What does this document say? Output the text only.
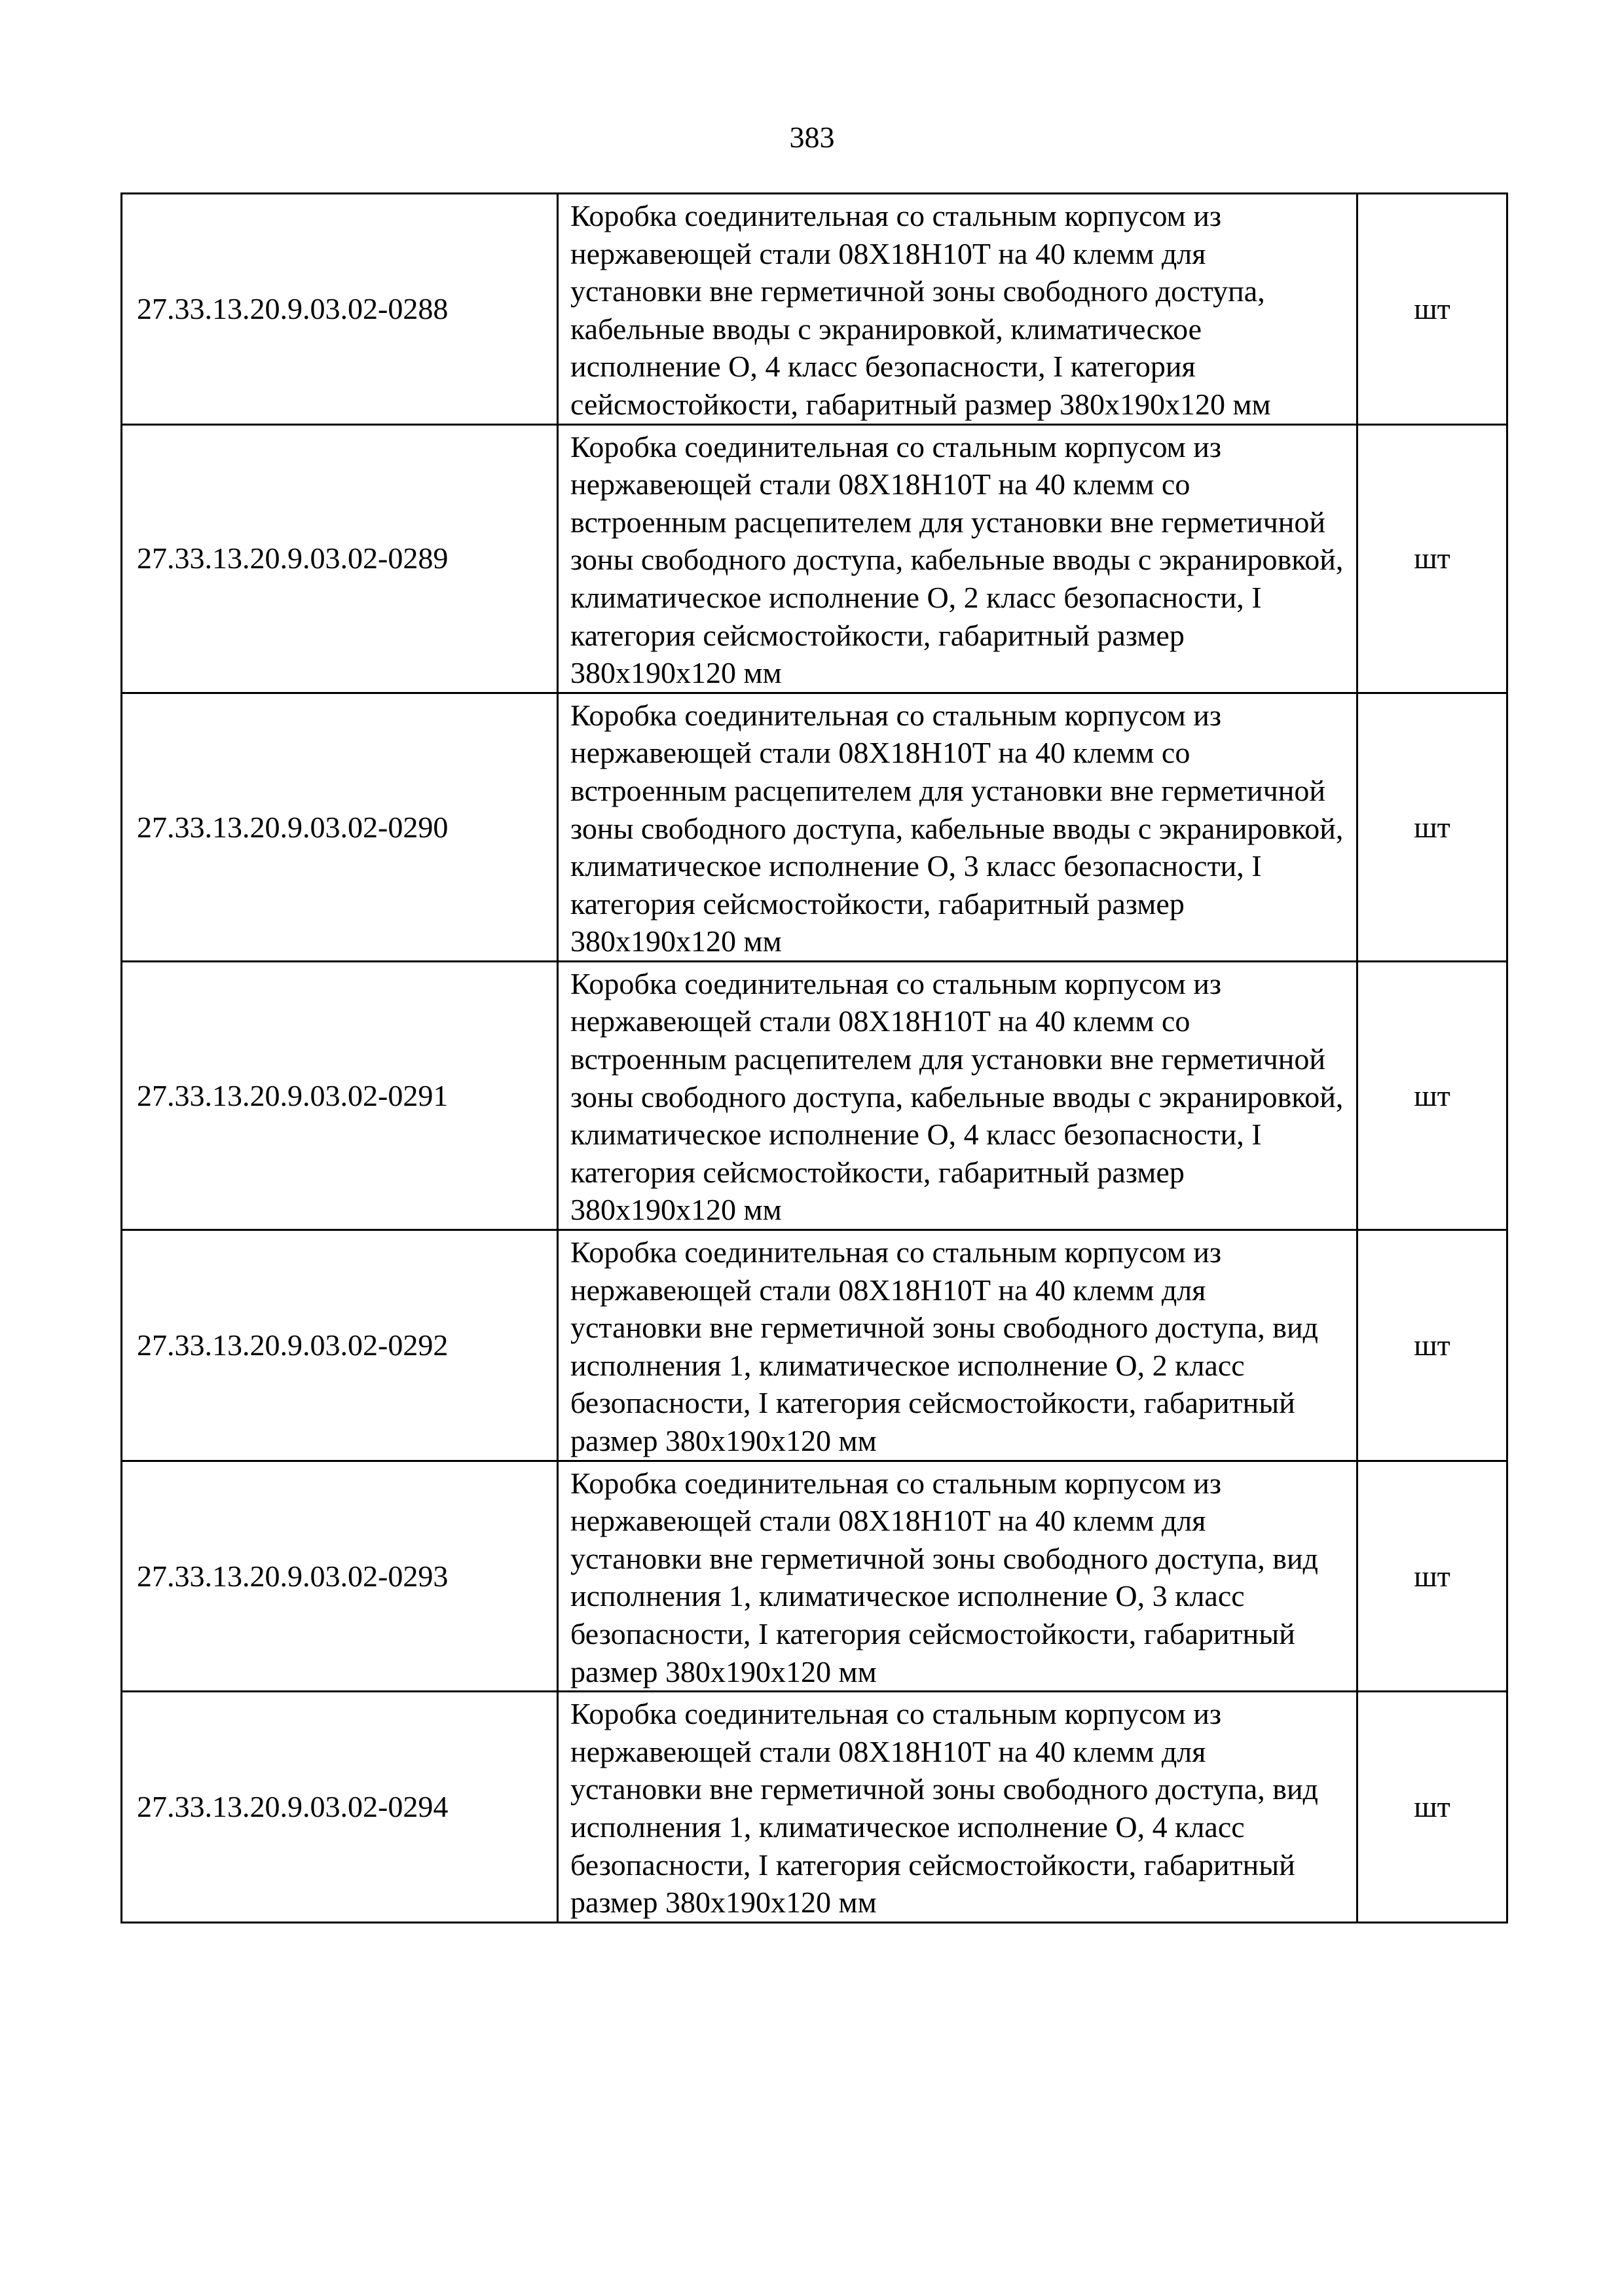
383
27.33.13.20.9.03.02-0288	Коробка соединительная со стальным корпусом из нержавеющей стали 08Х18Н10Т на 40 клемм для установки вне герметичной зоны свободного доступа, кабельные вводы с экранировкой, климатическое исполнение О, 4 класс безопасности, I категория сейсмостойкости, габаритный размер 380х190х120 мм	шт
27.33.13.20.9.03.02-0289	Коробка соединительная со стальным корпусом из нержавеющей стали 08Х18Н10Т на 40 клемм со встроенным расцепителем для установки вне герметичной зоны свободного доступа, кабельные вводы с экранировкой, климатическое исполнение О, 2 класс безопасности, I категория сейсмостойкости, габаритный размер 380х190х120 мм	шт
27.33.13.20.9.03.02-0290	Коробка соединительная со стальным корпусом из нержавеющей стали 08Х18Н10Т на 40 клемм со встроенным расцепителем для установки вне герметичной зоны свободного доступа, кабельные вводы с экранировкой, климатическое исполнение О, 3 класс безопасности, I категория сейсмостойкости, габаритный размер 380х190х120 мм	шт
27.33.13.20.9.03.02-0291	Коробка соединительная со стальным корпусом из нержавеющей стали 08Х18Н10Т на 40 клемм со встроенным расцепителем для установки вне герметичной зоны свободного доступа, кабельные вводы с экранировкой, климатическое исполнение О, 4 класс безопасности, I категория сейсмостойкости, габаритный размер 380х190х120 мм	шт
27.33.13.20.9.03.02-0292	Коробка соединительная со стальным корпусом из нержавеющей стали 08Х18Н10Т на 40 клемм для установки вне герметичной зоны свободного доступа, вид исполнения 1, климатическое исполнение О, 2 класс безопасности, I категория сейсмостойкости, габаритный размер 380х190х120 мм	шт
27.33.13.20.9.03.02-0293	Коробка соединительная со стальным корпусом из нержавеющей стали 08Х18Н10Т на 40 клемм для установки вне герметичной зоны свободного доступа, вид исполнения 1, климатическое исполнение О, 3 класс безопасности, I категория сейсмостойкости, габаритный размер 380х190х120 мм	шт
27.33.13.20.9.03.02-0294	Коробка соединительная со стальным корпусом из нержавеющей стали 08Х18Н10Т на 40 клемм для установки вне герметичной зоны свободного доступа, вид исполнения 1, климатическое исполнение О, 4 класс безопасности, I категория сейсмостойкости, габаритный размер 380х190х120 мм	шт
